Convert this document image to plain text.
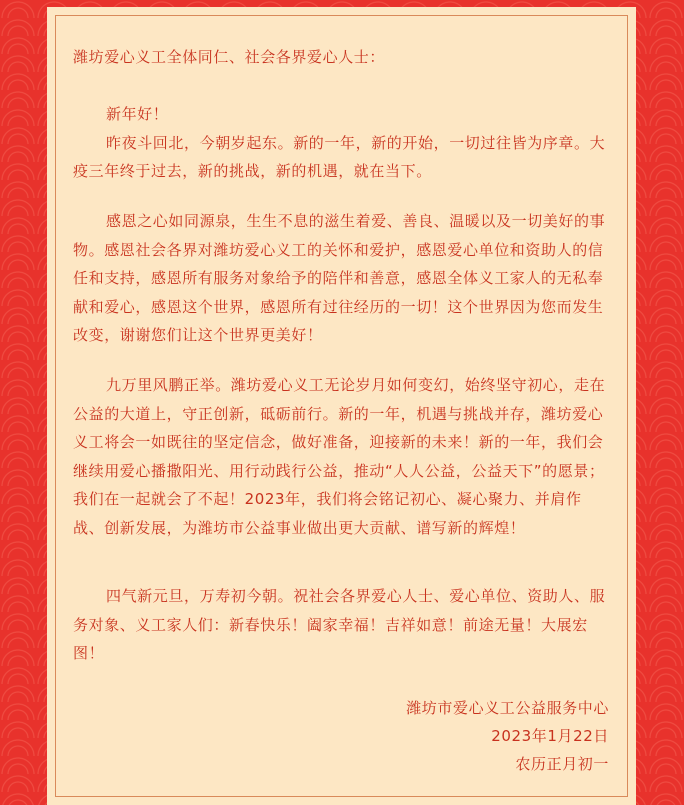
潍坊爱心义工全体同仁、社会各界爱心人士：

新年好！

昨夜斗回北，今朝岁起东。新的一年，新的开始，一切过往皆为序章。大疫三年终于过去，新的挑战，新的机遇，就在当下。

感恩之心如同源泉，生生不息的滋生着爱、善良、温暖以及一切美好的事物。感恩社会各界对潍坊爱心义工的关怀和爱护，感恩爱心单位和资助人的信任和支持，感恩所有服务对象给予的陪伴和善意，感恩全体义工家人的无私奉献和爱心，感恩这个世界，感恩所有过往经历的一切！这个世界因为您而发生改变，谢谢您们让这个世界更美好！

九万里风鹏正举。潍坊爱心义工无论岁月如何变幻，始终坚守初心，走在公益的大道上，守正创新，砥砺前行。新的一年，机遇与挑战并存，潍坊爱心义工将会一如既往的坚定信念，做好准备，迎接新的未来！新的一年，我们会继续用爱心播撒阳光、用行动践行公益，推动“人人公益，公益天下”的愿景；我们在一起就会了不起！2023年，我们将会铭记初心、凝心聚力、并肩作战、创新发展，为潍坊市公益事业做出更大贡献、谱写新的辉煌！

四气新元旦，万寿初今朝。祝社会各界爱心人士、爱心单位、资助人、服务对象、义工家人们：新春快乐！阖家幸福！吉祥如意！前途无量！大展宏图！

潍坊市爱心义工公益服务中心
2023年1月22日
农历正月初一
